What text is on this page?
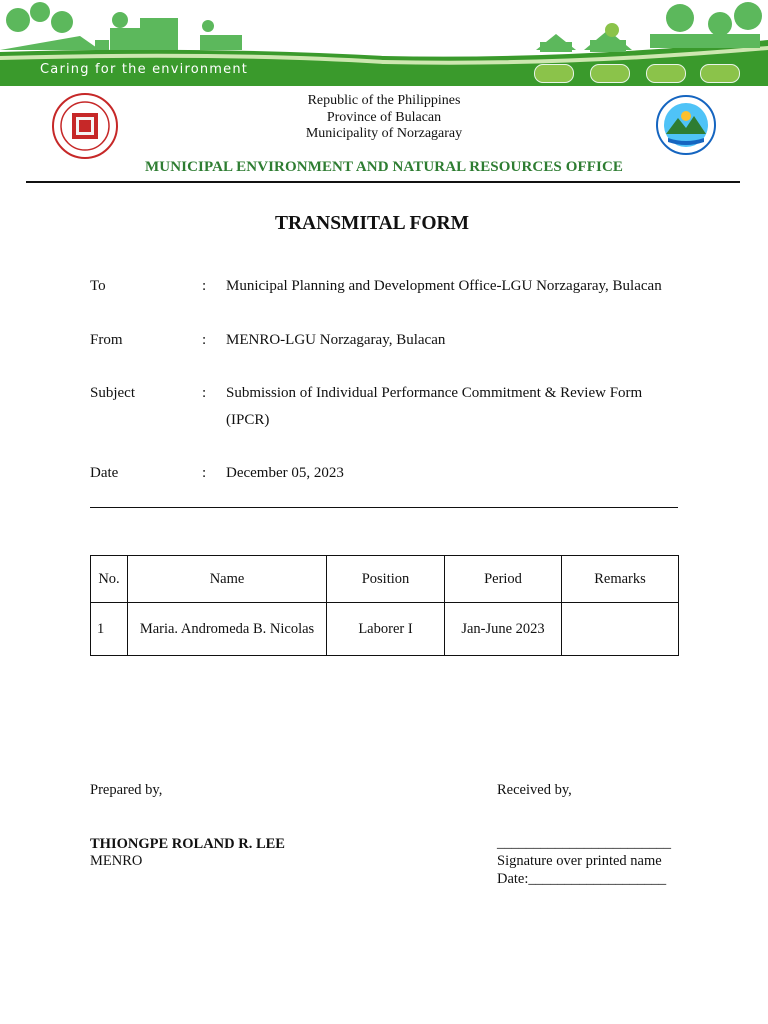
Caring for the environment
Republic of the Philippines
Province of Bulacan
Municipality of Norzagaray
MUNICIPAL ENVIRONMENT AND NATURAL RESOURCES OFFICE
TRANSMITAL FORM
To	: Municipal Planning and Development Office-LGU Norzagaray, Bulacan
From	: MENRO-LGU Norzagaray, Bulacan
Subject	: Submission of Individual Performance Commitment & Review Form (IPCR)
Date	: December 05, 2023
No.	Name	Position	Period	Remarks
1	Maria. Andromeda B. Nicolas	Laborer I	Jan-June 2023	
Prepared by,
THIONGPE ROLAND R. LEE
MENRO
Received by,
________________________
Signature over printed name
Date:___________________
